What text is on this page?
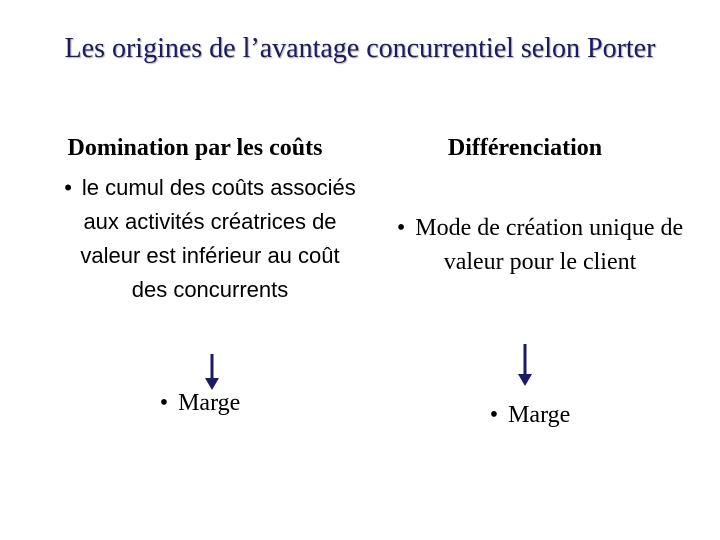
Les origines de l’avantage concurrentiel selon Porter
Domination par les coûts
• le cumul des coûts associés aux activités créatrices de valeur est inférieur au coût des concurrents
• Marge
Différenciation
• Mode de création unique de valeur pour le client
• Marge
